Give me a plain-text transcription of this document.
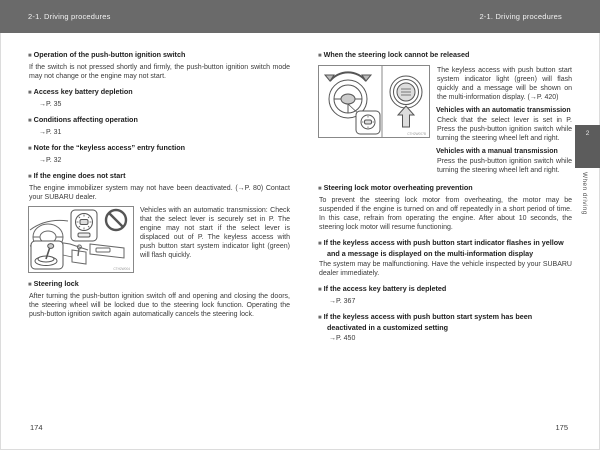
2-1. Driving procedures	2-1. Driving procedures
■ Operation of the push-button ignition switch
If the switch is not pressed shortly and firmly, the push-button ignition switch mode may not change or the engine may not start.
■ Access key battery depletion
→P. 35
■ Conditions affecting operation
→P. 31
■ Note for the “keyless access” entry function
→P. 32
■ If the engine does not start
The engine immobilizer system may not have been deactivated. (→P. 80) Contact your SUBARU dealer.
CTH2W004
Vehicles with an automatic transmission: Check that the select lever is securely set in P. The engine may not start if the select lever is displaced out of P. The keyless access with push button start system indicator light (green) will flash quickly.
■ Steering lock
After turning the push-button ignition switch off and opening and closing the doors, the steering wheel will be locked due to the steering lock function. Operating the push-button ignition switch again automatically cancels the steering lock.
■ When the steering lock cannot be released
CTH2W007B
The keyless access with push button start system indicator light (green) will flash quickly and a message will be shown on the multi-information display. (→P. 420)
Vehicles with an automatic transmission
Check that the select lever is set in P. Press the push-button ignition switch while turning the steering wheel left and right.
Vehicles with a manual transmission
Press the push-button ignition switch while turning the steering wheel left and right.
■ Steering lock motor overheating prevention
To prevent the steering lock motor from overheating, the motor may be suspended if the engine is turned on and off repeatedly in a short period of time. In this case, refrain from operating the engine. After about 10 seconds, the steering lock motor will resume functioning.
■ If the keyless access with push button start indicator flashes in yellow and a message is displayed on the multi-information display
The system may be malfunctioning. Have the vehicle inspected by your SUBARU dealer immediately.
■ If the access key battery is depleted
→P. 367
■ If the keyless access with push button start system has been deactivated in a customized setting
→P. 450
2
When driving
174	175
